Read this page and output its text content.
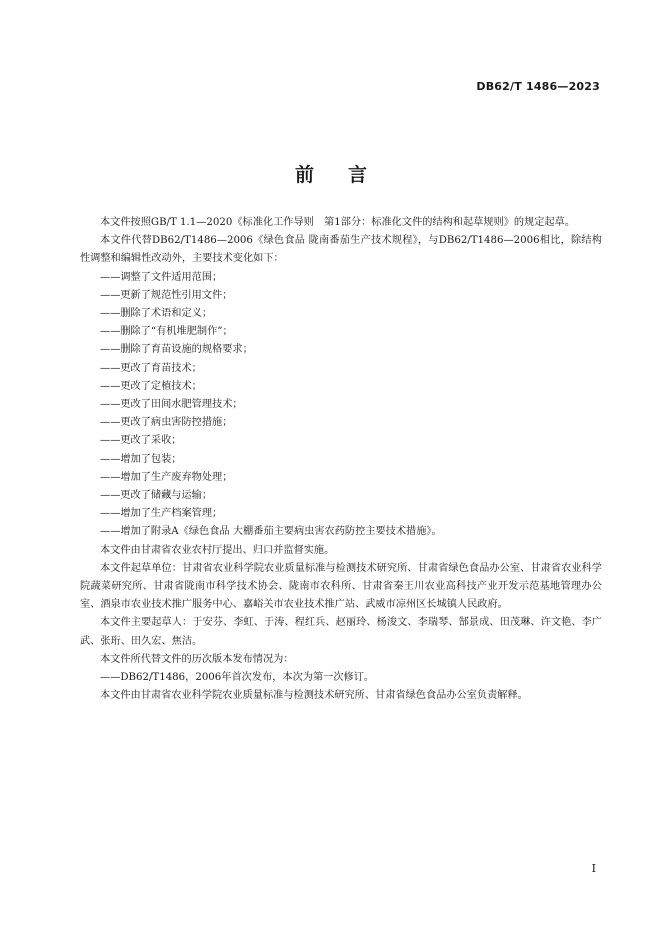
DB62/T 1486—2023
前 言

本文件按照GB/T 1.1—2020《标准化工作导则　第1部分：标准化文件的结构和起草规则》的规定起草。

本文件代替DB62/T1486—2006《绿色食品 陇南番茄生产技术规程》，与DB62/T1486—2006相比，除结构性调整和编辑性改动外，主要技术变化如下：

——调整了文件适用范围；

——更新了规范性引用文件；

——删除了术语和定义；

——删除了“有机堆肥制作”；

——删除了育苗设施的规格要求；

——更改了育苗技术；

——更改了定植技术；

——更改了田间水肥管理技术；

——更改了病虫害防控措施；

——更改了采收；

——增加了包装；

——增加了生产废弃物处理；

——更改了储藏与运输；

——增加了生产档案管理；

——增加了附录A《绿色食品 大棚番茄主要病虫害农药防控主要技术措施》。

本文件由甘肃省农业农村厅提出、归口并监督实施。

本文件起草单位：甘肃省农业科学院农业质量标准与检测技术研究所、甘肃省绿色食品办公室、甘肃省农业科学院蔬菜研究所、甘肃省陇南市科学技术协会、陇南市农科所、甘肃省秦王川农业高科技产业开发示范基地管理办公室、酒泉市农业技术推广服务中心、嘉峪关市农业技术推广站、武威市凉州区长城镇人民政府。

本文件主要起草人：于安芬、李虹、于涛、程红兵、赵丽玲、杨浚文、李瑞琴、郜景成、田茂琳、许文艳、李广武、张珩、田久宏、焦洁。

本文件所代替文件的历次版本发布情况为：

——DB62/T1486，2006年首次发布，本次为第一次修订。

本文件由甘肃省农业科学院农业质量标准与检测技术研究所、甘肃省绿色食品办公室负责解释。

I
